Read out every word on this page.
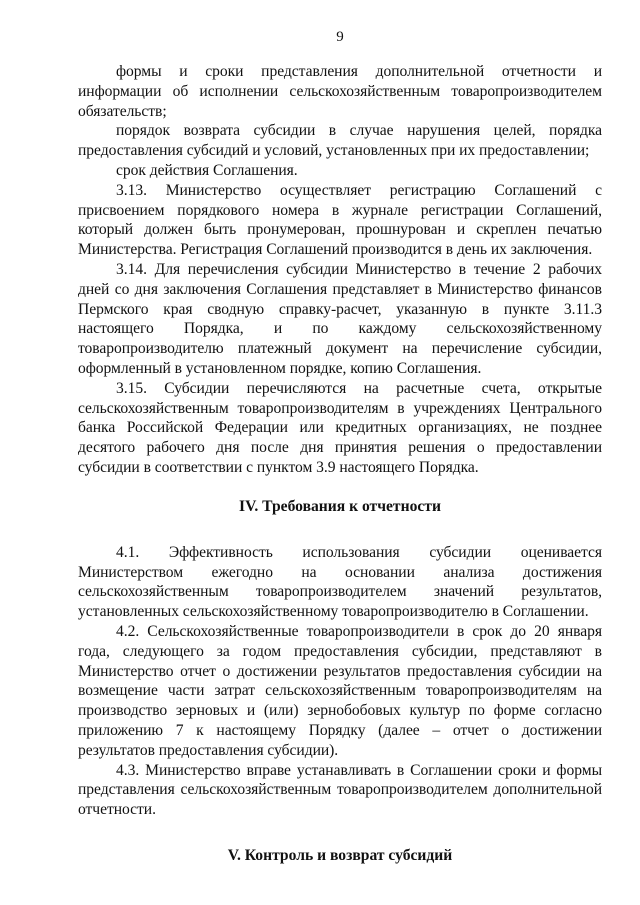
9

формы и сроки представления дополнительной отчетности и информации об исполнении сельскохозяйственным товаропроизводителем обязательств;

порядок возврата субсидии в случае нарушения целей, порядка предоставления субсидий и условий, установленных при их предоставлении;

срок действия Соглашения.

3.13. Министерство осуществляет регистрацию Соглашений с присвоением порядкового номера в журнале регистрации Соглашений, который должен быть пронумерован, прошнурован и скреплен печатью Министерства. Регистрация Соглашений производится в день их заключения.

3.14. Для перечисления субсидии Министерство в течение 2 рабочих дней со дня заключения Соглашения представляет в Министерство финансов Пермского края сводную справку-расчет, указанную в пункте 3.11.3 настоящего Порядка, и по каждому сельскохозяйственному товаропроизводителю платежный документ на перечисление субсидии, оформленный в установленном порядке, копию Соглашения.

3.15. Субсидии перечисляются на расчетные счета, открытые сельскохозяйственным товаропроизводителям в учреждениях Центрального банка Российской Федерации или кредитных организациях, не позднее десятого рабочего дня после дня принятия решения о предоставлении субсидии в соответствии с пунктом 3.9 настоящего Порядка.

IV. Требования к отчетности

4.1. Эффективность использования субсидии оценивается Министерством ежегодно на основании анализа достижения сельскохозяйственным товаропроизводителем значений результатов, установленных сельскохозяйственному товаропроизводителю в Соглашении.

4.2. Сельскохозяйственные товаропроизводители в срок до 20 января года, следующего за годом предоставления субсидии, представляют в Министерство отчет о достижении результатов предоставления субсидии на возмещение части затрат сельскохозяйственным товаропроизводителям на производство зерновых и (или) зернобобовых культур по форме согласно приложению 7 к настоящему Порядку (далее – отчет о достижении результатов предоставления субсидии).

4.3. Министерство вправе устанавливать в Соглашении сроки и формы представления сельскохозяйственным товаропроизводителем дополнительной отчетности.

V. Контроль и возврат субсидий
